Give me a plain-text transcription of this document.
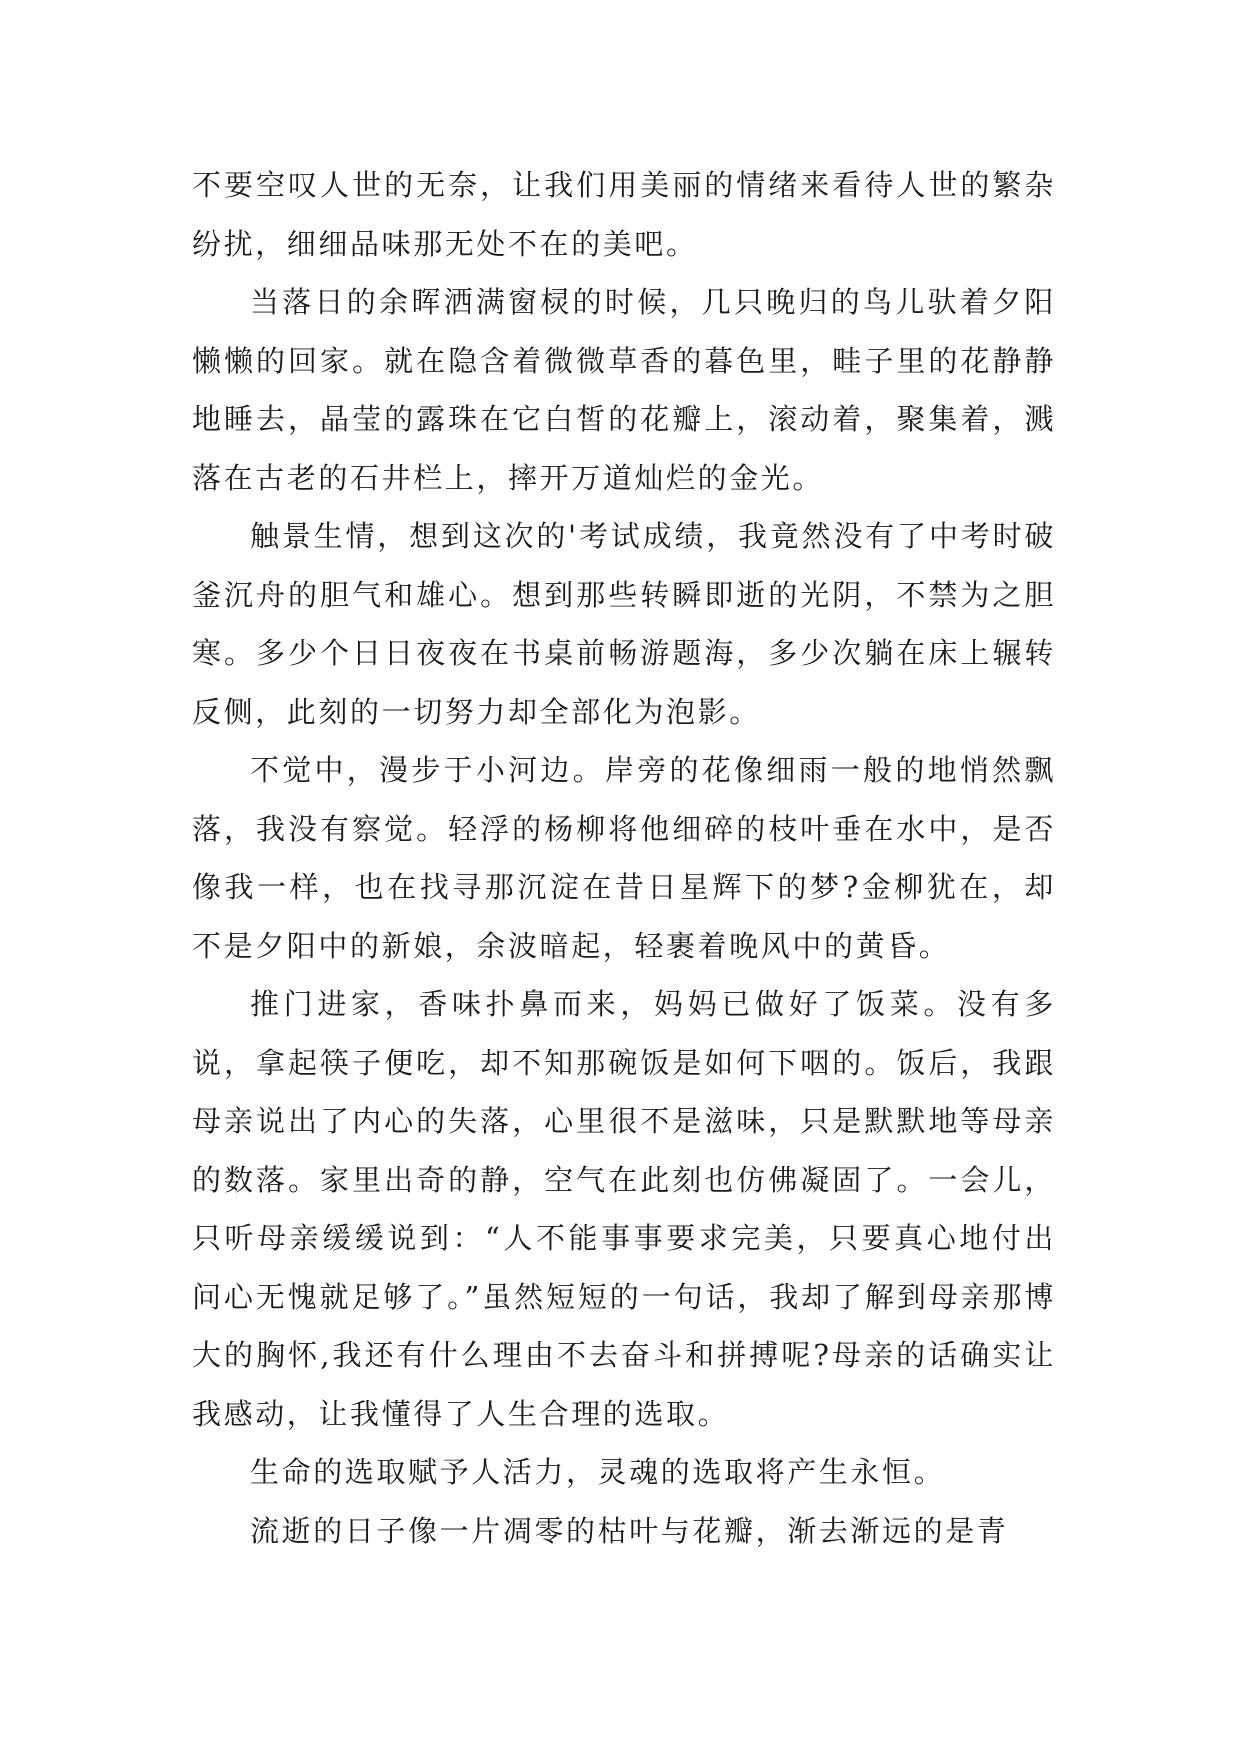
不要空叹人世的无奈，让我们用美丽的情绪来看待人世的繁杂纷扰，细细品味那无处不在的美吧。

当落日的余晖洒满窗棂的时候，几只晚归的鸟儿驮着夕阳懒懒的回家。就在隐含着微微草香的暮色里，畦子里的花静静地睡去，晶莹的露珠在它白皙的花瓣上，滚动着，聚集着，溅落在古老的石井栏上，摔开万道灿烂的金光。

触景生情，想到这次的'考试成绩，我竟然没有了中考时破釜沉舟的胆气和雄心。想到那些转瞬即逝的光阴，不禁为之胆寒。多少个日日夜夜在书桌前畅游题海，多少次躺在床上辗转反侧，此刻的一切努力却全部化为泡影。

不觉中，漫步于小河边。岸旁的花像细雨一般的地悄然飘落，我没有察觉。轻浮的杨柳将他细碎的枝叶垂在水中，是否像我一样，也在找寻那沉淀在昔日星辉下的梦?金柳犹在，却不是夕阳中的新娘，余波暗起，轻裹着晚风中的黄昏。

推门进家，香味扑鼻而来，妈妈已做好了饭菜。没有多说，拿起筷子便吃，却不知那碗饭是如何下咽的。饭后，我跟母亲说出了内心的失落，心里很不是滋味，只是默默地等母亲的数落。家里出奇的静，空气在此刻也仿佛凝固了。一会儿，只听母亲缓缓说到：“人不能事事要求完美，只要真心地付出问心无愧就足够了。”虽然短短的一句话，我却了解到母亲那博大的胸怀,我还有什么理由不去奋斗和拼搏呢?母亲的话确实让我感动，让我懂得了人生合理的选取。

生命的选取赋予人活力，灵魂的选取将产生永恒。

流逝的日子像一片凋零的枯叶与花瓣，渐去渐远的是青
